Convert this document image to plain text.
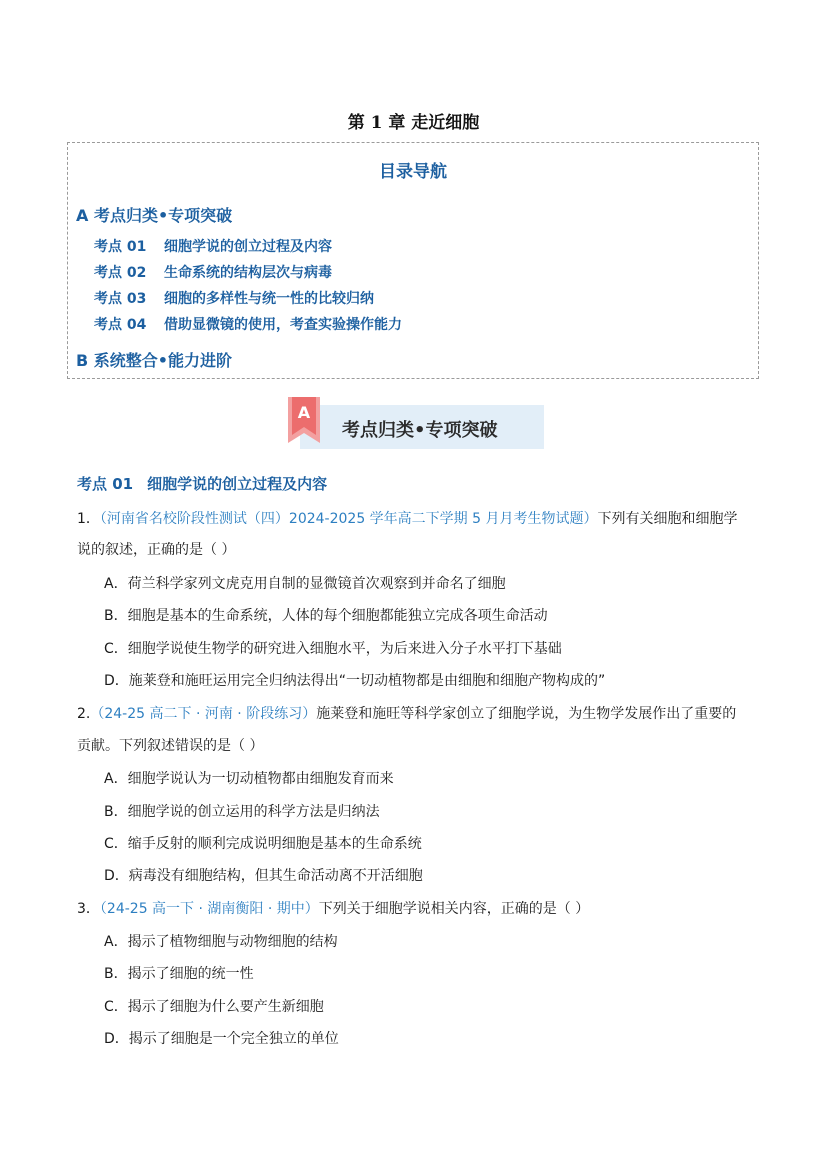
第 1 章 走近细胞
目录导航
A 考点归类•专项突破
考点 01 细胞学说的创立过程及内容
考点 02 生命系统的结构层次与病毒
考点 03 细胞的多样性与统一性的比较归纳
考点 04 借助显微镜的使用，考查实验操作能力
B 系统整合•能力进阶
A
考点归类•专项突破
考点 01 细胞学说的创立过程及内容
1．（河南省名校阶段性测试（四）2024-2025 学年高二下学期 5 月月考生物试题）下列有关细胞和细胞学
说的叙述，正确的是（ ）
A．荷兰科学家列文虎克用自制的显微镜首次观察到并命名了细胞
B．细胞是基本的生命系统，人体的每个细胞都能独立完成各项生命活动
C．细胞学说使生物学的研究进入细胞水平，为后来进入分子水平打下基础
D．施莱登和施旺运用完全归纳法得出“一切动植物都是由细胞和细胞产物构成的”
2.（24-25 高二下 · 河南 · 阶段练习）施莱登和施旺等科学家创立了细胞学说，为生物学发展作出了重要的
贡献。下列叙述错误的是（ ）
A．细胞学说认为一切动植物都由细胞发育而来
B．细胞学说的创立运用的科学方法是归纳法
C．缩手反射的顺利完成说明细胞是基本的生命系统
D．病毒没有细胞结构，但其生命活动离不开活细胞
3．（24-25 高一下 · 湖南衡阳 · 期中）下列关于细胞学说相关内容，正确的是（ ）
A．揭示了植物细胞与动物细胞的结构
B．揭示了细胞的统一性
C．揭示了细胞为什么要产生新细胞
D．揭示了细胞是一个完全独立的单位
